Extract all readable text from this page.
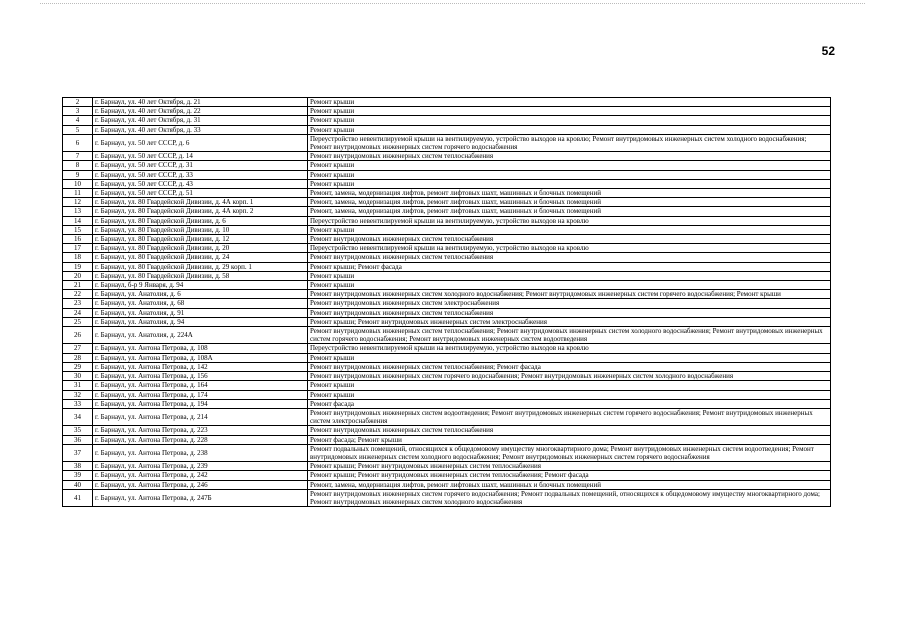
52
2	г. Барнаул, ул. 40 лет Октября, д. 21	Ремонт крыши
3	г. Барнаул, ул. 40 лет Октября, д. 22	Ремонт крыши
4	г. Барнаул, ул. 40 лет Октября, д. 31	Ремонт крыши
5	г. Барнаул, ул. 40 лет Октября, д. 33	Ремонт крыши
6	г. Барнаул, ул. 50 лет СССР, д. 6	Переустройство невентилируемой крыши на вентилируемую, устройство выходов на кровлю; Ремонт внутридомовых инженерных систем холодного водоснабжения; Ремонт внутридомовых инженерных систем горячего водоснабжения
7	г. Барнаул, ул. 50 лет СССР, д. 14	Ремонт внутридомовых инженерных систем теплоснабжения
8	г. Барнаул, ул. 50 лет СССР, д. 31	Ремонт крыши
9	г. Барнаул, ул. 50 лет СССР, д. 33	Ремонт крыши
10	г. Барнаул, ул. 50 лет СССР, д. 43	Ремонт крыши
11	г. Барнаул, ул. 50 лет СССР, д. 51	Ремонт, замена, модернизация лифтов, ремонт лифтовых шахт, машинных и блочных помещений
12	г. Барнаул, ул. 80 Гвардейской Дивизии, д. 4А корп. 1	Ремонт, замена, модернизация лифтов, ремонт лифтовых шахт, машинных и блочных помещений
13	г. Барнаул, ул. 80 Гвардейской Дивизии, д. 4А корп. 2	Ремонт, замена, модернизация лифтов, ремонт лифтовых шахт, машинных и блочных помещений
14	г. Барнаул, ул. 80 Гвардейской Дивизии, д. 6	Переустройство невентилируемой крыши на вентилируемую, устройство выходов на кровлю
15	г. Барнаул, ул. 80 Гвардейской Дивизии, д. 10	Ремонт крыши
16	г. Барнаул, ул. 80 Гвардейской Дивизии, д. 12	Ремонт внутридомовых инженерных систем теплоснабжения
17	г. Барнаул, ул. 80 Гвардейской Дивизии, д. 20	Переустройство невентилируемой крыши на вентилируемую, устройство выходов на кровлю
18	г. Барнаул, ул. 80 Гвардейской Дивизии, д. 24	Ремонт внутридомовых инженерных систем теплоснабжения
19	г. Барнаул, ул. 80 Гвардейской Дивизии, д. 29 корп. 1	Ремонт крыши; Ремонт фасада
20	г. Барнаул, ул. 80 Гвардейской Дивизии, д. 58	Ремонт крыши
21	г. Барнаул, б-р 9 Января, д. 94	Ремонт крыши
22	г. Барнаул, ул. Анатолия, д. 6	Ремонт внутридомовых инженерных систем холодного водоснабжения; Ремонт внутридомовых инженерных систем горячего водоснабжения; Ремонт крыши
23	г. Барнаул, ул. Анатолия, д. 68	Ремонт внутридомовых инженерных систем электроснабжения
24	г. Барнаул, ул. Анатолия, д. 91	Ремонт внутридомовых инженерных систем теплоснабжения
25	г. Барнаул, ул. Анатолия, д. 94	Ремонт крыши; Ремонт внутридомовых инженерных систем электроснабжения
26	г. Барнаул, ул. Анатолия, д. 224А	Ремонт внутридомовых инженерных систем теплоснабжения; Ремонт внутридомовых инженерных систем холодного водоснабжения; Ремонт внутридомовых инженерных систем горячего водоснабжения; Ремонт внутридомовых инженерных систем водоотведения
27	г. Барнаул, ул. Антона Петрова, д. 108	Переустройство невентилируемой крыши на вентилируемую, устройство выходов на кровлю
28	г. Барнаул, ул. Антона Петрова, д. 108А	Ремонт крыши
29	г. Барнаул, ул. Антона Петрова, д. 142	Ремонт внутридомовых инженерных систем теплоснабжения; Ремонт фасада
30	г. Барнаул, ул. Антона Петрова, д. 156	Ремонт внутридомовых инженерных систем горячего водоснабжения; Ремонт внутридомовых инженерных систем холодного водоснабжения
31	г. Барнаул, ул. Антона Петрова, д. 164	Ремонт крыши
32	г. Барнаул, ул. Антона Петрова, д. 174	Ремонт крыши
33	г. Барнаул, ул. Антона Петрова, д. 194	Ремонт фасада
34	г. Барнаул, ул. Антона Петрова, д. 214	Ремонт внутридомовых инженерных систем водоотведения; Ремонт внутридомовых инженерных систем горячего водоснабжения; Ремонт внутридомовых инженерных систем электроснабжения
35	г. Барнаул, ул. Антона Петрова, д. 223	Ремонт внутридомовых инженерных систем теплоснабжения
36	г. Барнаул, ул. Антона Петрова, д. 228	Ремонт фасада; Ремонт крыши
37	г. Барнаул, ул. Антона Петрова, д. 238	Ремонт подвальных помещений, относящихся к общедомовому имуществу многоквартирного дома; Ремонт внутридомовых инженерных систем водоотведения; Ремонт внутридомовых инженерных систем холодного водоснабжения; Ремонт внутридомовых инженерных систем горячего водоснабжения
38	г. Барнаул, ул. Антона Петрова, д. 239	Ремонт крыши; Ремонт внутридомовых инженерных систем теплоснабжения
39	г. Барнаул, ул. Антона Петрова, д. 242	Ремонт крыши; Ремонт внутридомовых инженерных систем теплоснабжения; Ремонт фасада
40	г. Барнаул, ул. Антона Петрова, д. 246	Ремонт, замена, модернизация лифтов, ремонт лифтовых шахт, машинных и блочных помещений
41	г. Барнаул, ул. Антона Петрова, д. 247Б	Ремонт внутридомовых инженерных систем горячего водоснабжения; Ремонт подвальных помещений, относящихся к общедомовому имуществу многоквартирного дома; Ремонт внутридомовых инженерных систем холодного водоснабжения
